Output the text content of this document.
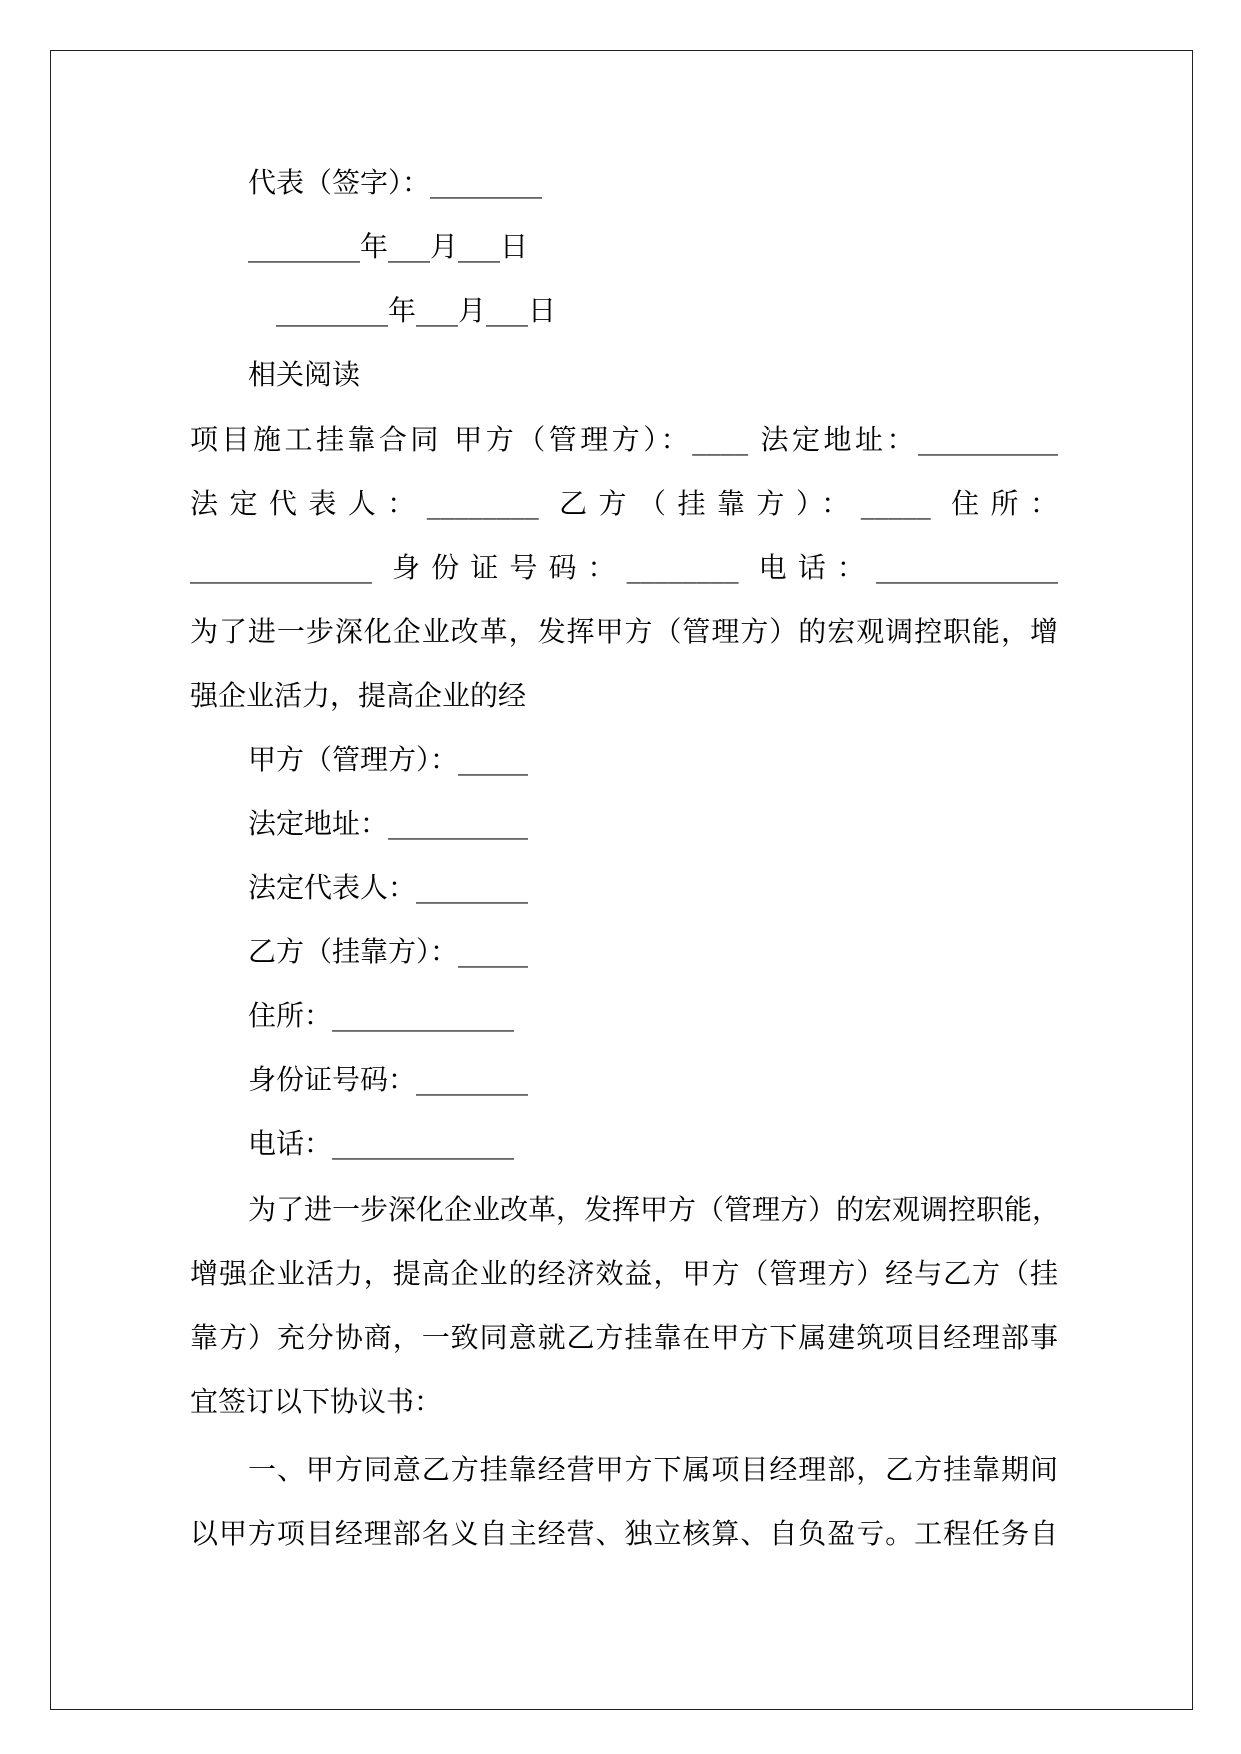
代表（签字）：________
________年___月___日
________年___月___日
相关阅读
项目施工挂靠合同 甲方（管理方）：____ 法定地址：__________
法定代表人：________ 乙方（挂靠方）：_____ 住所：
_____________ 身份证号码：________ 电话：_____________
为了进一步深化企业改革，发挥甲方（管理方）的宏观调控职能，增
强企业活力，提高企业的经
甲方（管理方）：_____
法定地址：__________
法定代表人：________
乙方（挂靠方）：_____
住所：_____________
身份证号码：________
电话：_____________
为了进一步深化企业改革，发挥甲方（管理方）的宏观调控职能，
增强企业活力，提高企业的经济效益，甲方（管理方）经与乙方（挂
靠方）充分协商，一致同意就乙方挂靠在甲方下属建筑项目经理部事
宜签订以下协议书：
一、甲方同意乙方挂靠经营甲方下属项目经理部，乙方挂靠期间
以甲方项目经理部名义自主经营、独立核算、自负盈亏。工程任务自
